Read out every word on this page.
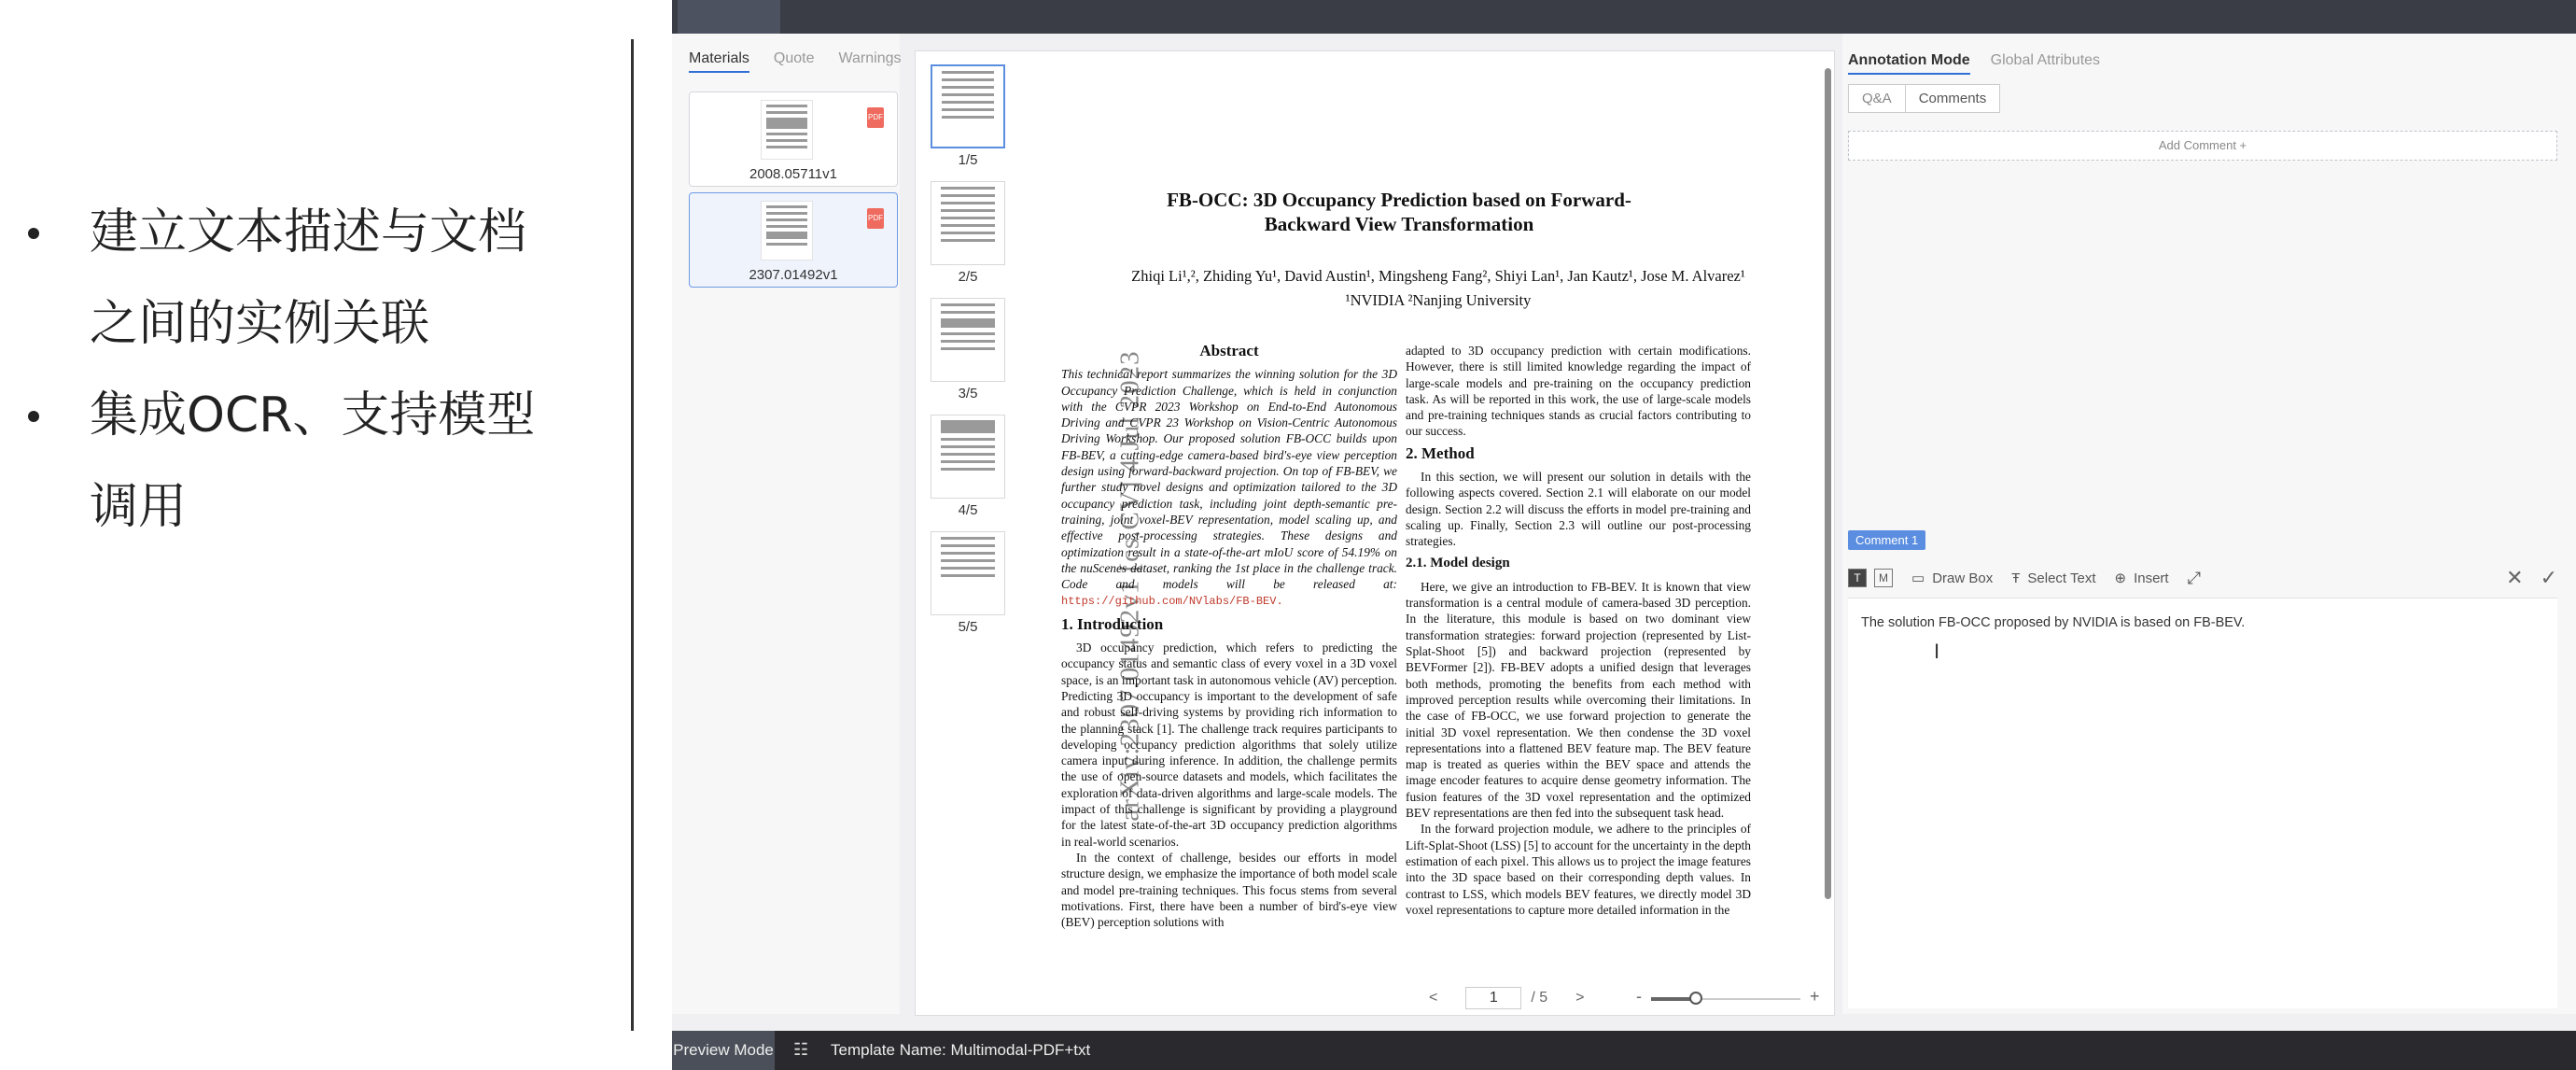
建立文本描述与文档
之间的实例关联
集成OCR、支持模型
调用
Materials Quote Warnings
PDF
2008.05711v1
PDF
2307.01492v1
1/5
2/5
3/5
4/5
5/5
FB-OCC: 3D Occupancy Prediction based on Forward-Backward View Transformation
Zhiqi Li¹,², Zhiding Yu¹, David Austin¹, Mingsheng Fang², Shiyi Lan¹, Jan Kautz¹, Jose M. Alvarez¹
¹NVIDIA ²Nanjing University
arXiv:2307.01492v1 [cs.CV] 4 Jul 2023	Abstract

This technical report summarizes the winning solution for the 3D Occupancy Prediction Challenge, which is held in conjunction with the CVPR 2023 Workshop on End-to-End Autonomous Driving and CVPR 23 Workshop on Vision-Centric Autonomous Driving Workshop. Our proposed solution FB-OCC builds upon FB-BEV, a cutting-edge camera-based bird's-eye view perception design using forward-backward projection. On top of FB-BEV, we further study novel designs and optimization tailored to the 3D occupancy prediction task, including joint depth-semantic pre-training, joint voxel-BEV representation, model scaling up, and effective post-processing strategies. These designs and optimization result in a state-of-the-art mIoU score of 54.19% on the nuScenes dataset, ranking the 1st place in the challenge track. Code and models will be released at: https://github.com/NVlabs/FB-BEV.

1. Introduction

3D occupancy prediction, which refers to predicting the occupancy status and semantic class of every voxel in a 3D voxel space, is an important task in autonomous vehicle (AV) perception. Predicting 3D occupancy is important to the development of safe and robust self-driving systems by providing rich information to the planning stack [1]. The challenge track requires participants to developing occupancy prediction algorithms that solely utilize camera input during inference. In addition, the challenge permits the use of open-source datasets and models, which facilitates the exploration of data-driven algorithms and large-scale models. The impact of this challenge is significant by providing a playground for the latest state-of-the-art 3D occupancy prediction algorithms in real-world scenarios.

In the context of challenge, besides our efforts in model structure design, we emphasize the importance of both model scale and model pre-training techniques. This focus stems from several motivations. First, there have been a number of bird's-eye view (BEV) perception solutions with

adapted to 3D occupancy prediction with certain modifications. However, there is still limited knowledge regarding the impact of large-scale models and pre-training on the occupancy prediction task. As will be reported in this work, the use of large-scale models and pre-training techniques stands as crucial factors contributing to our success.

2. Method

In this section, we will present our solution in details with the following aspects covered. Section 2.1 will elaborate on our model design. Section 2.2 will discuss the efforts in model pre-training and scaling up. Finally, Section 2.3 will outline our post-processing strategies.

2.1. Model design

Here, we give an introduction to FB-BEV. It is known that view transformation is a central module of camera-based 3D perception. In the literature, this module is based on two dominant view transformation strategies: forward projection (represented by List-Splat-Shoot [5]) and backward projection (represented by BEVFormer [2]). FB-BEV adopts a unified design that leverages both methods, promoting the benefits from each method with improved perception results while overcoming their limitations. In the case of FB-OCC, we use forward projection to generate the initial 3D voxel representation. We then condense the 3D voxel representations into a flattened BEV feature map. The BEV feature map is treated as queries within the BEV space and attends the image encoder features to acquire dense geometry information. The fusion features of the 3D voxel representation and the optimized BEV representations are then fed into the subsequent task head.

In the forward projection module, we adhere to the principles of Lift-Splat-Shoot (LSS) [5] to account for the uncertainty in the depth estimation of each pixel. This allows us to project the image features into the 3D space based on their corresponding depth values. In contrast to LSS, which models BEV features, we directly model 3D voxel representations to capture more detailed information in the

<	1	/ 5 >	-	+
Annotation Mode Global Attributes
Q&A	Comments
Add Comment +
Comment 1
T	M	▭ Draw Box Ŧ Select Text ⊕ Insert ⤢	✕ ✓
The solution FB-OCC proposed by NVIDIA is based on FB-BEV.
I
Preview Mode ☷ Template Name: Multimodal-PDF+txt
